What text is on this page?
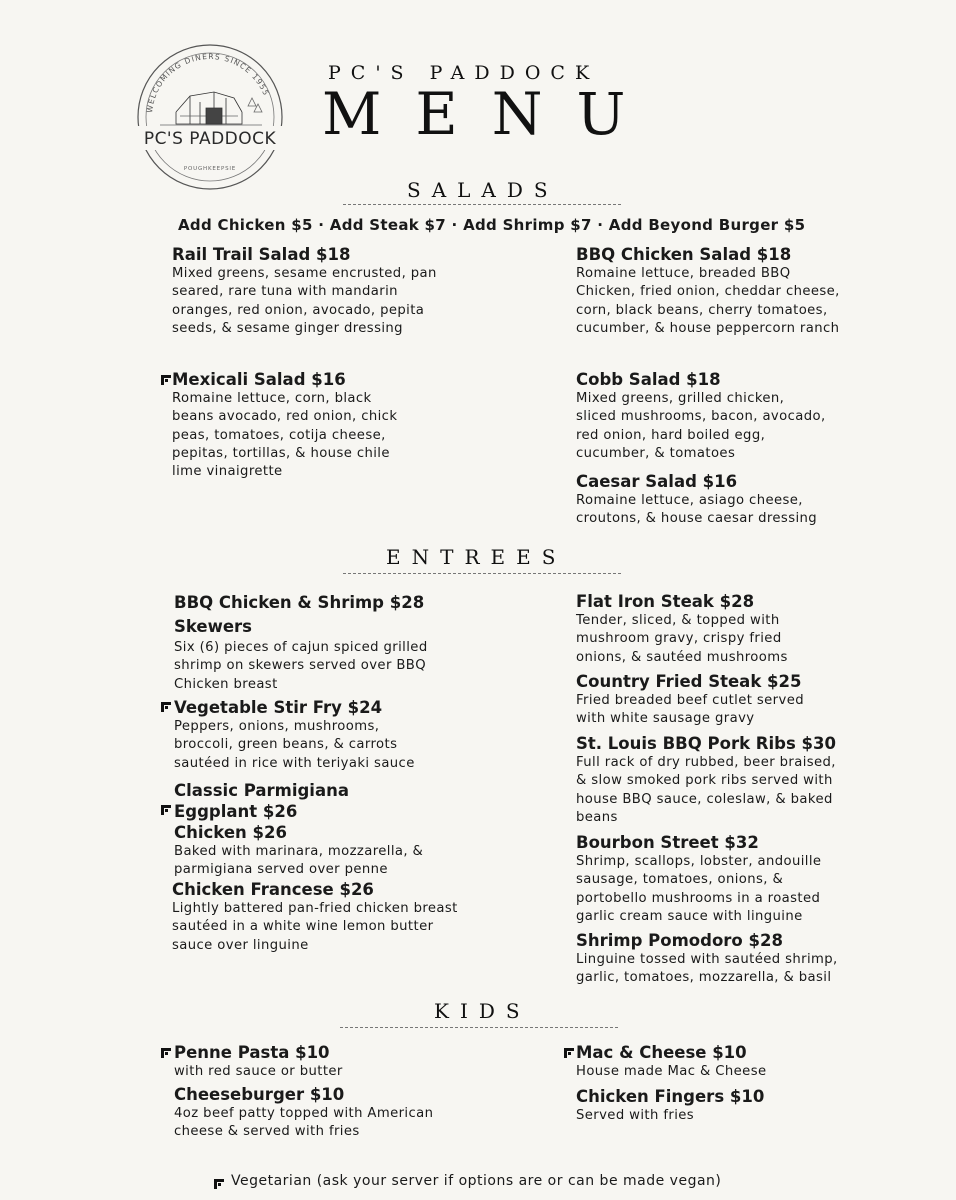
WELCOMING DINERS SINCE 1955
PC'S PADDOCK
POUGHKEEPSIE
PC'S PADDOCK
MENU
SALADS
Add Chicken $5 · Add Steak $7 · Add Shrimp $7 · Add Beyond Burger $5
Rail Trail Salad $18
Mixed greens, sesame encrusted, pan seared, rare tuna with mandarin oranges, red onion, avocado, pepita seeds, & sesame ginger dressing
Mexicali Salad $16
Romaine lettuce, corn, black beans avocado, red onion, chick peas, tomatoes, cotija cheese, pepitas, tortillas, & house chile lime vinaigrette
BBQ Chicken Salad $18
Romaine lettuce, breaded BBQ Chicken, fried onion, cheddar cheese, corn, black beans, cherry tomatoes, cucumber, & house peppercorn ranch
Cobb Salad $18
Mixed greens, grilled chicken, sliced mushrooms, bacon, avocado, red onion, hard boiled egg, cucumber, & tomatoes
Caesar Salad $16
Romaine lettuce, asiago cheese, croutons, & house caesar dressing
ENTREES
BBQ Chicken & Shrimp $28 Skewers
Six (6) pieces of cajun spiced grilled shrimp on skewers served over BBQ Chicken breast
Vegetable Stir Fry $24
Peppers, onions, mushrooms, broccoli, green beans, & carrots sautéed in rice with teriyaki sauce
Classic Parmigiana Eggplant $26 Chicken $26
Baked with marinara, mozzarella, & parmigiana served over penne
Chicken Francese $26
Lightly battered pan-fried chicken breast sautéed in a white wine lemon butter sauce over linguine
Flat Iron Steak $28
Tender, sliced, & topped with mushroom gravy, crispy fried onions, & sautéed mushrooms
Country Fried Steak $25
Fried breaded beef cutlet served with white sausage gravy
St. Louis BBQ Pork Ribs $30
Full rack of dry rubbed, beer braised, & slow smoked pork ribs served with house BBQ sauce, coleslaw, & baked beans
Bourbon Street $32
Shrimp, scallops, lobster, andouille sausage, tomatoes, onions, & portobello mushrooms in a roasted garlic cream sauce with linguine
Shrimp Pomodoro $28
Linguine tossed with sautéed shrimp, garlic, tomatoes, mozzarella, & basil
KIDS
Penne Pasta $10
with red sauce or butter
Cheeseburger $10
4oz beef patty topped with American cheese & served with fries
Mac & Cheese $10
House made Mac & Cheese
Chicken Fingers $10
Served with fries
Vegetarian (ask your server if options are or can be made vegan)
